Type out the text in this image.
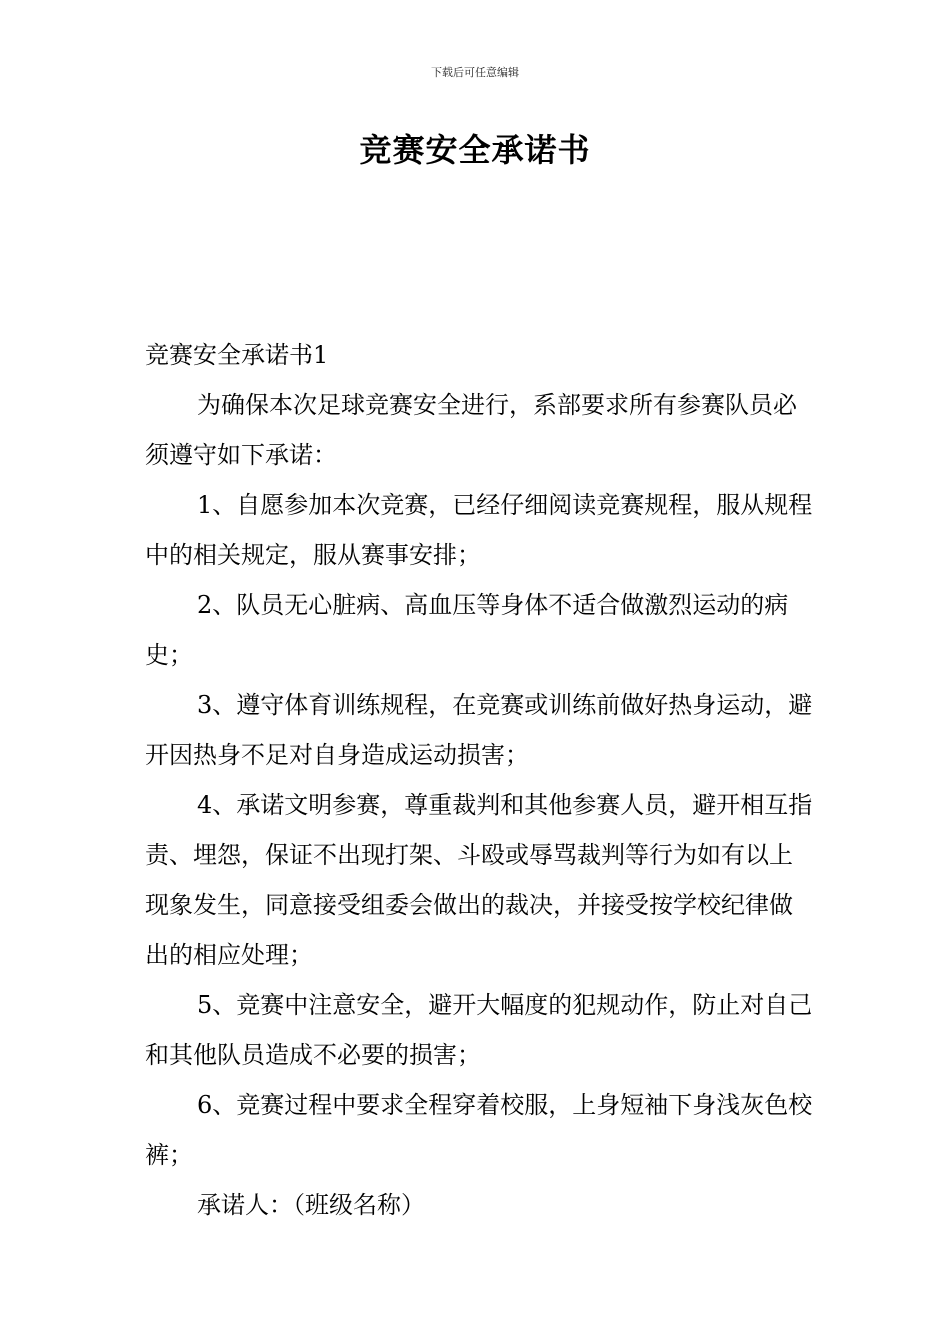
下载后可任意编辑
竞赛安全承诺书

竞赛安全承诺书1

为确保本次足球竞赛安全进行，系部要求所有参赛队员必须遵守如下承诺：

1、自愿参加本次竞赛，已经仔细阅读竞赛规程，服从规程中的相关规定，服从赛事安排；

2、队员无心脏病、高血压等身体不适合做激烈运动的病史；

3、遵守体育训练规程，在竞赛或训练前做好热身运动，避开因热身不足对自身造成运动损害；

4、承诺文明参赛，尊重裁判和其他参赛人员，避开相互指责、埋怨，保证不出现打架、斗殴或辱骂裁判等行为如有以上现象发生，同意接受组委会做出的裁决，并接受按学校纪律做出的相应处理；

5、竞赛中注意安全，避开大幅度的犯规动作，防止对自己和其他队员造成不必要的损害；

6、竞赛过程中要求全程穿着校服，上身短袖下身浅灰色校裤；

承诺人：（班级名称）
